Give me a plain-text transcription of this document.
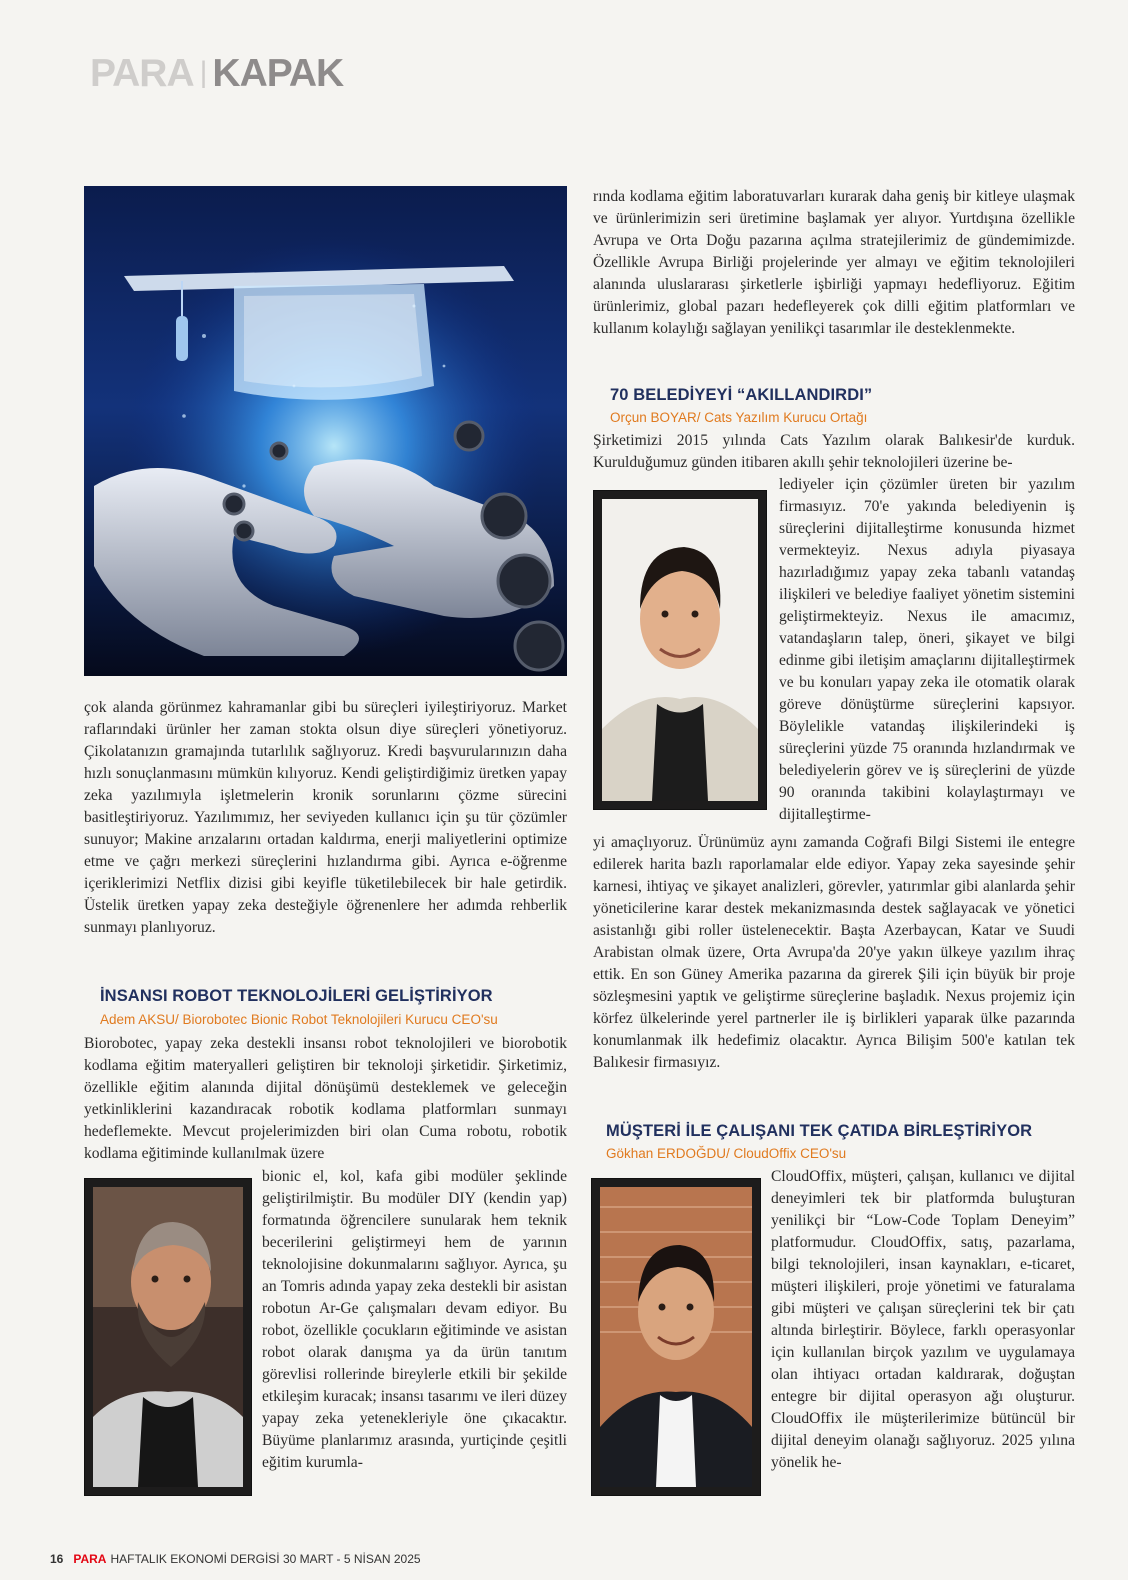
PARA | KAPAK

çok alanda görünmez kahramanlar gibi bu süreçleri iyileştiriyoruz. Market raflarındaki ürünler her zaman stokta olsun diye süreçleri yönetiyoruz. Çikolatanızın gramajında tutarlılık sağlıyoruz. Kredi başvurularınızın daha hızlı sonuçlanmasını mümkün kılıyoruz. Kendi geliştirdiğimiz üretken yapay zeka yazılımıyla işletmelerin kronik sorunlarını çözme sürecini basitleştiriyoruz. Yazılımımız, her seviyeden kullanıcı için şu tür çözümler sunuyor; Makine arızalarını ortadan kaldırma, enerji maliyetlerini optimize etme ve çağrı merkezi süreçlerini hızlandırma gibi. Ayrıca e-öğrenme içeriklerimizi Netflix dizisi gibi keyifle tüketilebilecek bir hale getirdik. Üstelik üretken yapay zeka desteğiyle öğrenenlere her adımda rehberlik sunmayı planlıyoruz.

İNSANSI ROBOT TEKNOLOJİLERİ GELİŞTİRİYOR
Adem AKSU/ Biorobotec Bionic Robot Teknolojileri Kurucu CEO'su

Biorobotec, yapay zeka destekli insansı robot teknolojileri ve biorobotik kodlama eğitim materyalleri geliştiren bir teknoloji şirketidir. Şirketimiz, özellikle eğitim alanında dijital dönüşümü desteklemek ve geleceğin yetkinliklerini kazandıracak robotik kodlama platformları sunmayı hedeflemekte. Mevcut projelerimizden biri olan Cuma robotu, robotik kodlama eğitiminde kullanılmak üzere

bionic el, kol, kafa gibi modüler şeklinde geliştirilmiştir. Bu modüler DIY (kendin yap) formatında öğrencilere sunularak hem teknik becerilerini geliştirmeyi hem de yarının teknolojisine dokunmalarını sağlıyor. Ayrıca, şu an Tomris adında yapay zeka destekli bir asistan robotun Ar-Ge çalışmaları devam ediyor. Bu robot, özellikle çocukların eğitiminde ve asistan robot olarak danışma ya da ürün tanıtım görevlisi rollerinde bireylerle etkili bir şekilde etkileşim kuracak; insansı tasarımı ve ileri düzey yapay zeka yetenekleriyle öne çıkacaktır. Büyüme planlarımız arasında, yurtiçinde çeşitli eğitim kurumla-

rında kodlama eğitim laboratuvarları kurarak daha geniş bir kitleye ulaşmak ve ürünlerimizin seri üretimine başlamak yer alıyor. Yurtdışına özellikle Avrupa ve Orta Doğu pazarına açılma stratejilerimiz de gündemimizde. Özellikle Avrupa Birliği projelerinde yer almayı ve eğitim teknolojileri alanında uluslararası şirketlerle işbirliği yapmayı hedefliyoruz. Eğitim ürünlerimiz, global pazarı hedefleyerek çok dilli eğitim platformları ve kullanım kolaylığı sağlayan yenilikçi tasarımlar ile desteklenmekte.

70 BELEDİYEYİ “AKILLANDIRDI”
Orçun BOYAR/ Cats Yazılım Kurucu Ortağı

Şirketimizi 2015 yılında Cats Yazılım olarak Balıkesir'de kurduk. Kurulduğumuz günden itibaren akıllı şehir teknolojileri üzerine be-

lediyeler için çözümler üreten bir yazılım firmasıyız. 70'e yakında belediyenin iş süreçlerini dijitalleştirme konusunda hizmet vermekteyiz. Nexus adıyla piyasaya hazırladığımız yapay zeka tabanlı vatandaş ilişkileri ve belediye faaliyet yönetim sistemini geliştirmekteyiz. Nexus ile amacımız, vatandaşların talep, öneri, şikayet ve bilgi edinme gibi iletişim amaçlarını dijitalleştirmek ve bu konuları yapay zeka ile otomatik olarak göreve dönüştürme süreçlerini kapsıyor. Böylelikle vatandaş ilişkilerindeki iş süreçlerini yüzde 75 oranında hızlandırmak ve belediyelerin görev ve iş süreçlerini de yüzde 90 oranında takibini kolaylaştırmayı ve dijitalleştirme-

yi amaçlıyoruz. Ürünümüz aynı zamanda Coğrafi Bilgi Sistemi ile entegre edilerek harita bazlı raporlamalar elde ediyor. Yapay zeka sayesinde şehir karnesi, ihtiyaç ve şikayet analizleri, görevler, yatırımlar gibi alanlarda şehir yöneticilerine karar destek mekanizmasında destek sağlayacak ve yönetici asistanlığı gibi roller üstelenecektir. Başta Azerbaycan, Katar ve Suudi Arabistan olmak üzere, Orta Avrupa'da 20'ye yakın ülkeye yazılım ihraç ettik. En son Güney Amerika pazarına da girerek Şili için büyük bir proje sözleşmesini yaptık ve geliştirme süreçlerine başladık. Nexus projemiz için körfez ülkelerinde yerel partnerler ile iş birlikleri yaparak ülke pazarında konumlanmak ilk hedefimiz olacaktır. Ayrıca Bilişim 500'e katılan tek Balıkesir firmasıyız.

MÜŞTERİ İLE ÇALIŞANI TEK ÇATIDA BİRLEŞTİRİYOR
Gökhan ERDOĞDU/ CloudOffix CEO'su

CloudOffix, müşteri, çalışan, kullanıcı ve dijital deneyimleri tek bir platformda buluşturan yenilikçi bir “Low-Code Toplam Deneyim” platformudur. CloudOffix, satış, pazarlama, bilgi teknolojileri, insan kaynakları, e-ticaret, müşteri ilişkileri, proje yönetimi ve faturalama gibi müşteri ve çalışan süreçlerini tek bir çatı altında birleştirir. Böylece, farklı operasyonlar için kullanılan birçok yazılım ve uygulamaya olan ihtiyacı ortadan kaldırarak, doğuştan entegre bir dijital operasyon ağı oluşturur. CloudOffix ile müşterilerimize bütüncül bir dijital deneyim olanağı sağlıyoruz. 2025 yılına yönelik he-

16 PARA HAFTALIK EKONOMİ DERGİSİ 30 MART - 5 NİSAN 2025
